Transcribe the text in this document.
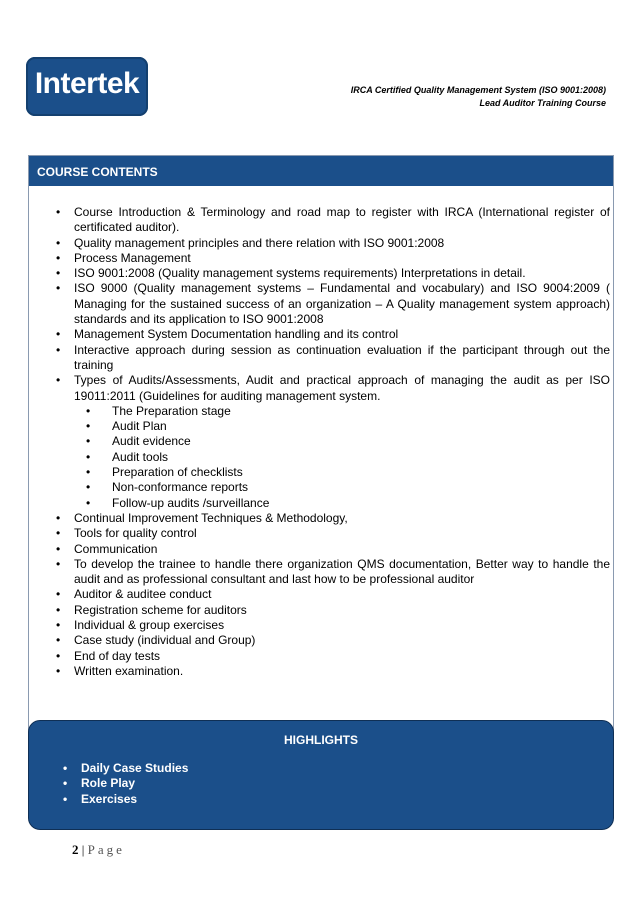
Intertek	IRCA Certified Quality Management System (ISO 9001:2008)
Lead Auditor Training Course
COURSE CONTENTS
• Course Introduction & Terminology and road map to register with IRCA (International register of certificated auditor).
• Quality management principles and there relation with ISO 9001:2008
• Process Management
• ISO 9001:2008 (Quality management systems requirements) Interpretations in detail.
• ISO 9000 (Quality management systems – Fundamental and vocabulary) and ISO 9004:2009 ( Managing for the sustained success of an organization – A Quality management system approach) standards and its application to ISO 9001:2008
• Management System Documentation handling and its control
• Interactive approach during session as continuation evaluation if the participant through out the training
• Types of Audits/Assessments, Audit and practical approach of managing the audit as per ISO 19011:2011 (Guidelines for auditing management system.
• The Preparation stage
• Audit Plan
• Audit evidence
• Audit tools
• Preparation of checklists
• Non-conformance reports
• Follow-up audits /surveillance
• Continual Improvement Techniques & Methodology,
• Tools for quality control
• Communication
• To develop the trainee to handle there organization QMS documentation, Better way to handle the audit and as professional consultant and last how to be professional auditor
• Auditor & auditee conduct
• Registration scheme for auditors
• Individual & group exercises
• Case study (individual and Group)
• End of day tests
• Written examination.
HIGHLIGHTS
• Daily Case Studies
• Role Play
• Exercises
2 | Page
